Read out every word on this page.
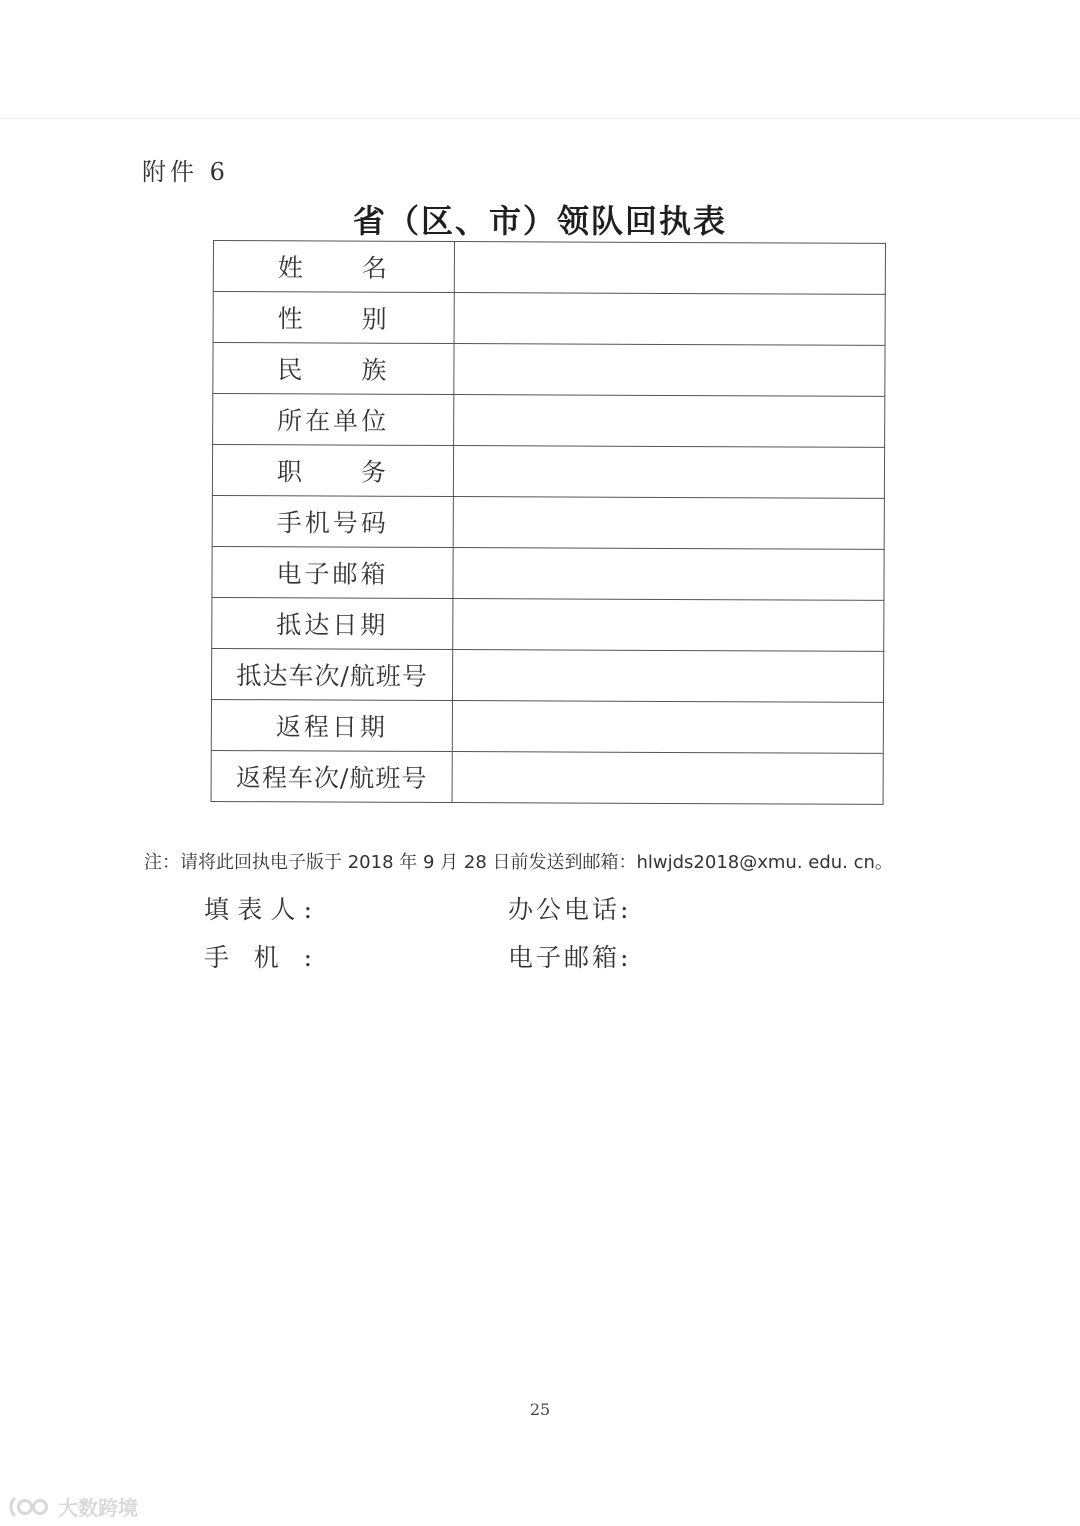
附件 6
省（区、市）领队回执表
姓名	
性别	
民族	
所在单位	
职务	
手机号码	
电子邮箱	
抵达日期	
抵达车次/航班号	
返程日期	
返程车次/航班号	
注：请将此回执电子版于 2018 年 9 月 28 日前发送到邮箱：hlwjds2018@xmu. edu. cn。
填表人:	办公电话:
手机:	电子邮箱:
25
大数跨境
